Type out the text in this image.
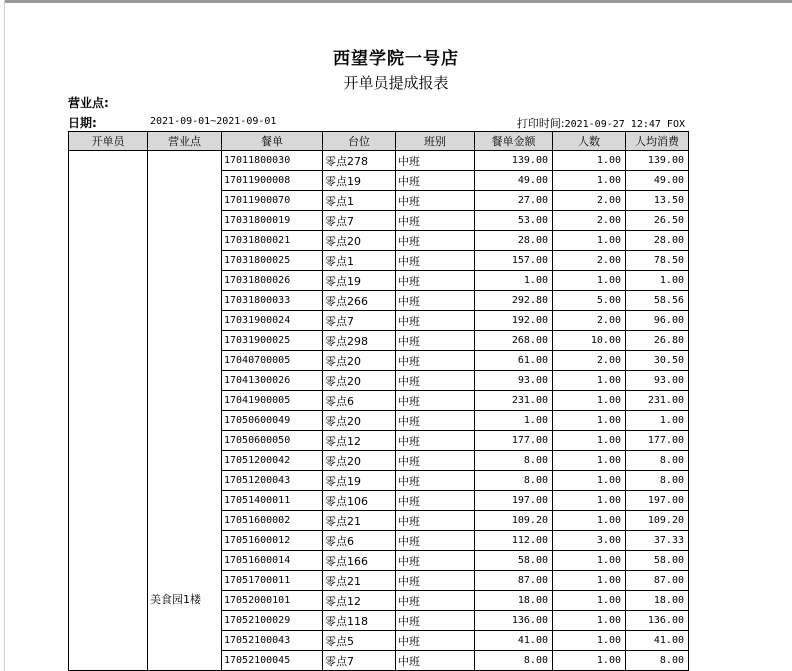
西望学院一号店
开单员提成报表
营业点:
日期:	2021-09-01~2021-09-01	打印时间:2021-09-27 12:47 FOX
开单员	营业点	餐单	台位	班别	餐单金额	人数	人均消费

	美食园1楼	17011800030	零点278	中班	139.00	1.00	139.00
		17011900008	零点19	中班	49.00	1.00	49.00
		17011900070	零点1	中班	27.00	2.00	13.50
		17031800019	零点7	中班	53.00	2.00	26.50
		17031800021	零点20	中班	28.00	1.00	28.00
		17031800025	零点1	中班	157.00	2.00	78.50
		17031800026	零点19	中班	1.00	1.00	1.00
		17031800033	零点266	中班	292.80	5.00	58.56
		17031900024	零点7	中班	192.00	2.00	96.00
		17031900025	零点298	中班	268.00	10.00	26.80
		17040700005	零点20	中班	61.00	2.00	30.50
		17041300026	零点20	中班	93.00	1.00	93.00
		17041900005	零点6	中班	231.00	1.00	231.00
		17050600049	零点20	中班	1.00	1.00	1.00
		17050600050	零点12	中班	177.00	1.00	177.00
		17051200042	零点20	中班	8.00	1.00	8.00
		17051200043	零点19	中班	8.00	1.00	8.00
		17051400011	零点106	中班	197.00	1.00	197.00
		17051600002	零点21	中班	109.20	1.00	109.20
		17051600012	零点6	中班	112.00	3.00	37.33
		17051600014	零点166	中班	58.00	1.00	58.00
		17051700011	零点21	中班	87.00	1.00	87.00
		17052000101	零点12	中班	18.00	1.00	18.00
		17052100029	零点118	中班	136.00	1.00	136.00
		17052100043	零点5	中班	41.00	1.00	41.00
		17052100045	零点7	中班	8.00	1.00	8.00
